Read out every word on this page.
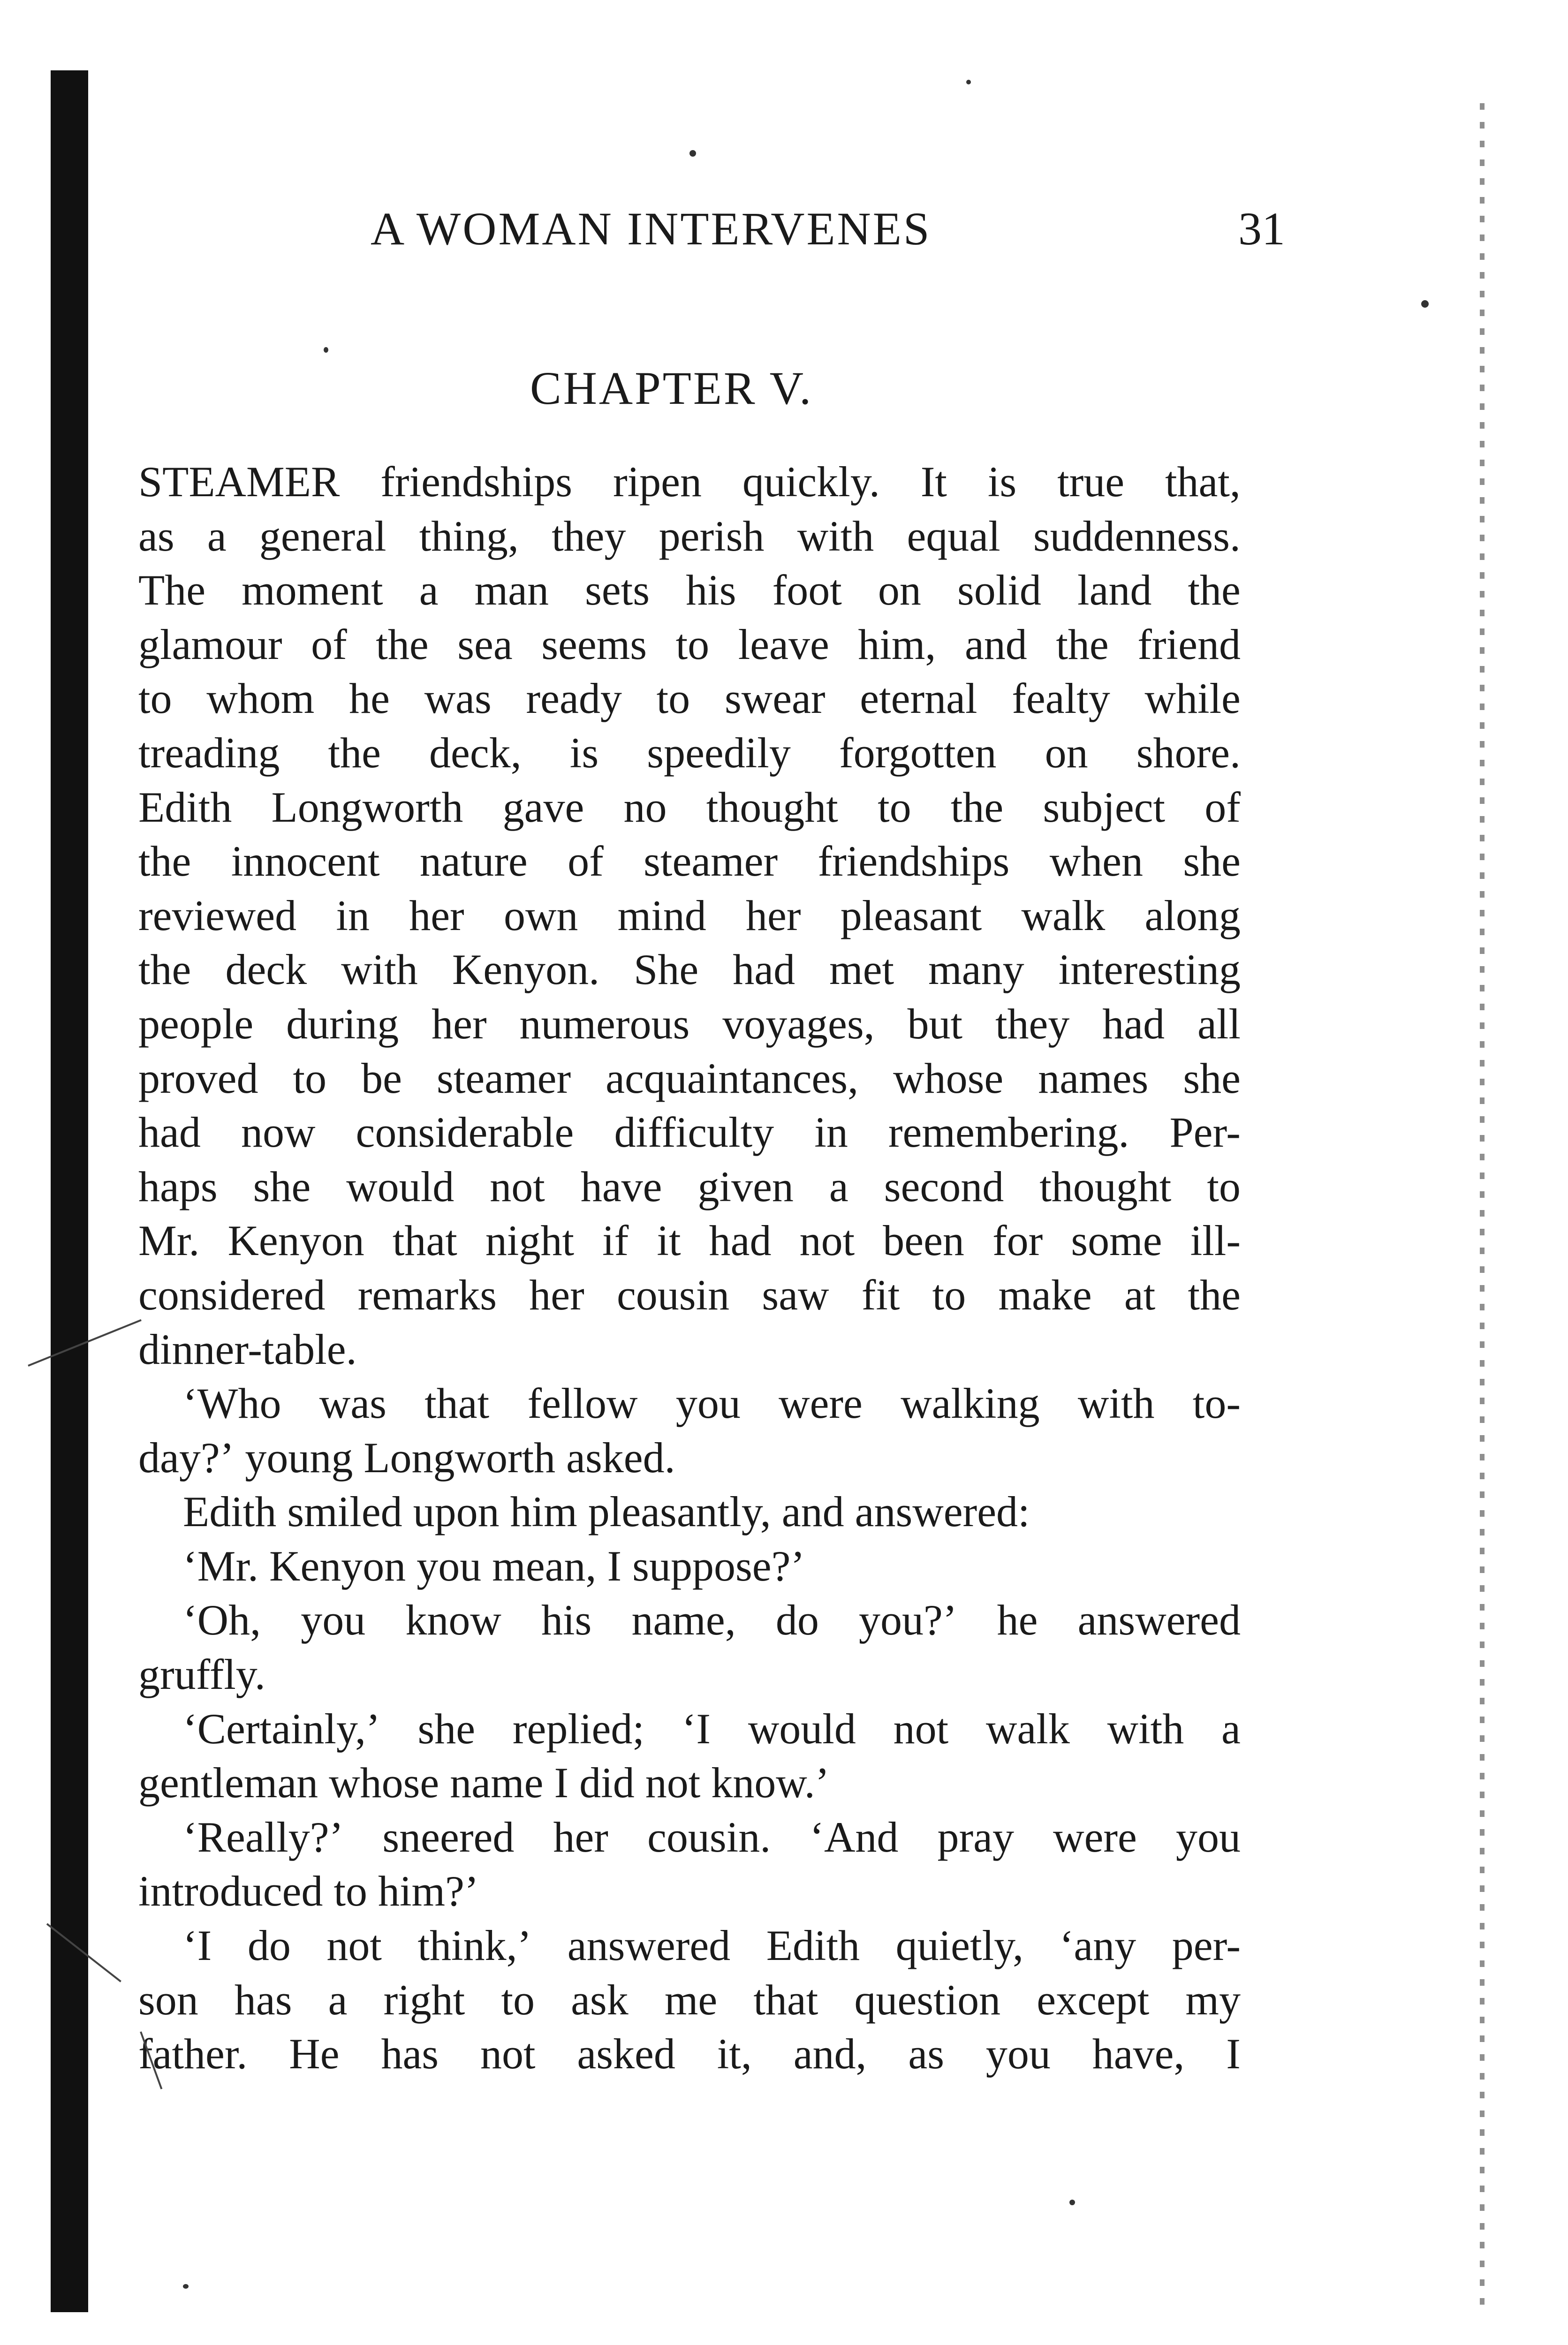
A WOMAN INTERVENES	31
CHAPTER V.
STEAMER friendships ripen quickly. It is true that,
as a general thing, they perish with equal suddenness.
The moment a man sets his foot on solid land the
glamour of the sea seems to leave him, and the friend
to whom he was ready to swear eternal fealty while
treading the deck, is speedily forgotten on shore.
Edith Longworth gave no thought to the subject of
the innocent nature of steamer friendships when she
reviewed in her own mind her pleasant walk along
the deck with Kenyon. She had met many interesting
people during her numerous voyages, but they had all
proved to be steamer acquaintances, whose names she
had now considerable difficulty in remembering. Per-
haps she would not have given a second thought to
Mr. Kenyon that night if it had not been for some ill-
considered remarks her cousin saw fit to make at the
dinner-table.
‘Who was that fellow you were walking with to-
day?’
young
Longworth
asked.
Edith
smiled
upon
him
pleasantly,
and
answered:
‘Mr.
Kenyon
you
mean,
I
suppose?’
‘Oh, you know his name, do you?’ he answered
gruffly.
‘Certainly,’ she replied; ‘I would not walk with a
gentleman
whose
name
I
did
not
know.’
‘Really?’ sneered her cousin. ‘And pray were you
introduced
to
him?’
‘I do not think,’ answered Edith quietly, ‘any per-
son has a right to ask me that question except my
father. He has not asked it, and, as you have, I
